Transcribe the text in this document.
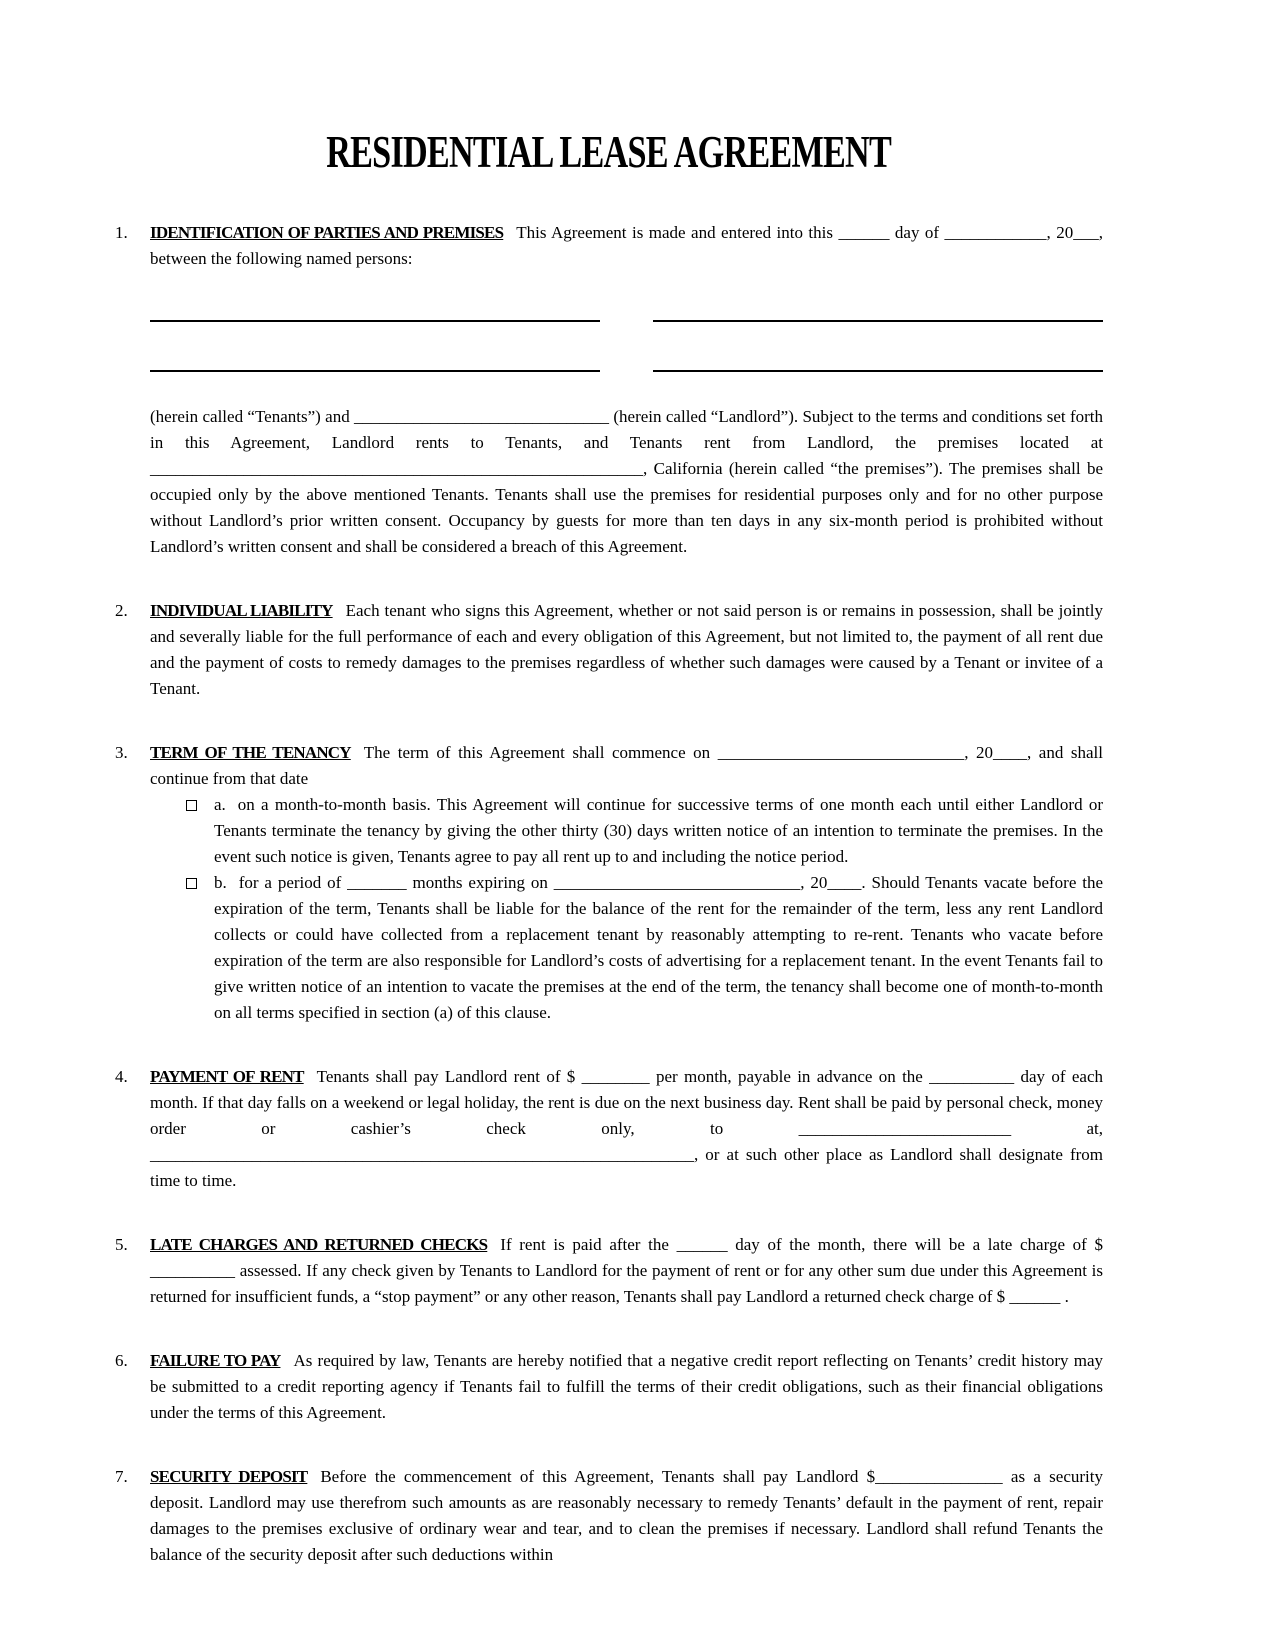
RESIDENTIAL LEASE AGREEMENT
1.	IDENTIFICATION OF PARTIES AND PREMISES This Agreement is made and entered into this ______ day of ____________, 20___, between the following named persons:

(herein called “Tenants”) and ______________________________ (herein called “Landlord”). Subject to the terms and conditions set forth in this Agreement, Landlord rents to Tenants, and Tenants rent from Landlord, the premises located at __________________________________________________________, California (herein called “the premises”). The premises shall be occupied only by the above mentioned Tenants. Tenants shall use the premises for residential purposes only and for no other purpose without Landlord’s prior written consent. Occupancy by guests for more than ten days in any six-month period is prohibited without Landlord’s written consent and shall be considered a breach of this Agreement.

2.	INDIVIDUAL LIABILITY Each tenant who signs this Agreement, whether or not said person is or remains in possession, shall be jointly and severally liable for the full performance of each and every obligation of this Agreement, but not limited to, the payment of all rent due and the payment of costs to remedy damages to the premises regardless of whether such damages were caused by a Tenant or invitee of a Tenant.

3.	TERM OF THE TENANCY The term of this Agreement shall commence on _____________________________, 20____, and shall continue from that date

a. on a month-to-month basis. This Agreement will continue for successive terms of one month each until either Landlord or Tenants terminate the tenancy by giving the other thirty (30) days written notice of an intention to terminate the premises. In the event such notice is given, Tenants agree to pay all rent up to and including the notice period.
b. for a period of _______ months expiring on _____________________________, 20____. Should Tenants vacate before the expiration of the term, Tenants shall be liable for the balance of the rent for the remainder of the term, less any rent Landlord collects or could have collected from a replacement tenant by reasonably attempting to re-rent. Tenants who vacate before expiration of the term are also responsible for Landlord’s costs of advertising for a replacement tenant. In the event Tenants fail to give written notice of an intention to vacate the premises at the end of the term, the tenancy shall become one of month-to-month on all terms specified in section (a) of this clause.
4.	PAYMENT OF RENT Tenants shall pay Landlord rent of $ ________ per month, payable in advance on the __________ day of each month. If that day falls on a weekend or legal holiday, the rent is due on the next business day. Rent shall be paid by personal check, money order or cashier’s check only, to _________________________ at, ________________________________________________________________, or at such other place as Landlord shall designate from time to time.

5.	LATE CHARGES AND RETURNED CHECKS If rent is paid after the ______ day of the month, there will be a late charge of $ __________ assessed. If any check given by Tenants to Landlord for the payment of rent or for any other sum due under this Agreement is returned for insufficient funds, a “stop payment” or any other reason, Tenants shall pay Landlord a returned check charge of $ ______ .

6.	FAILURE TO PAY As required by law, Tenants are hereby notified that a negative credit report reflecting on Tenants’ credit history may be submitted to a credit reporting agency if Tenants fail to fulfill the terms of their credit obligations, such as their financial obligations under the terms of this Agreement.

7.	SECURITY DEPOSIT Before the commencement of this Agreement, Tenants shall pay Landlord $_______________ as a security deposit. Landlord may use therefrom such amounts as are reasonably necessary to remedy Tenants’ default in the payment of rent, repair damages to the premises exclusive of ordinary wear and tear, and to clean the premises if necessary. Landlord shall refund Tenants the balance of the security deposit after such deductions within
